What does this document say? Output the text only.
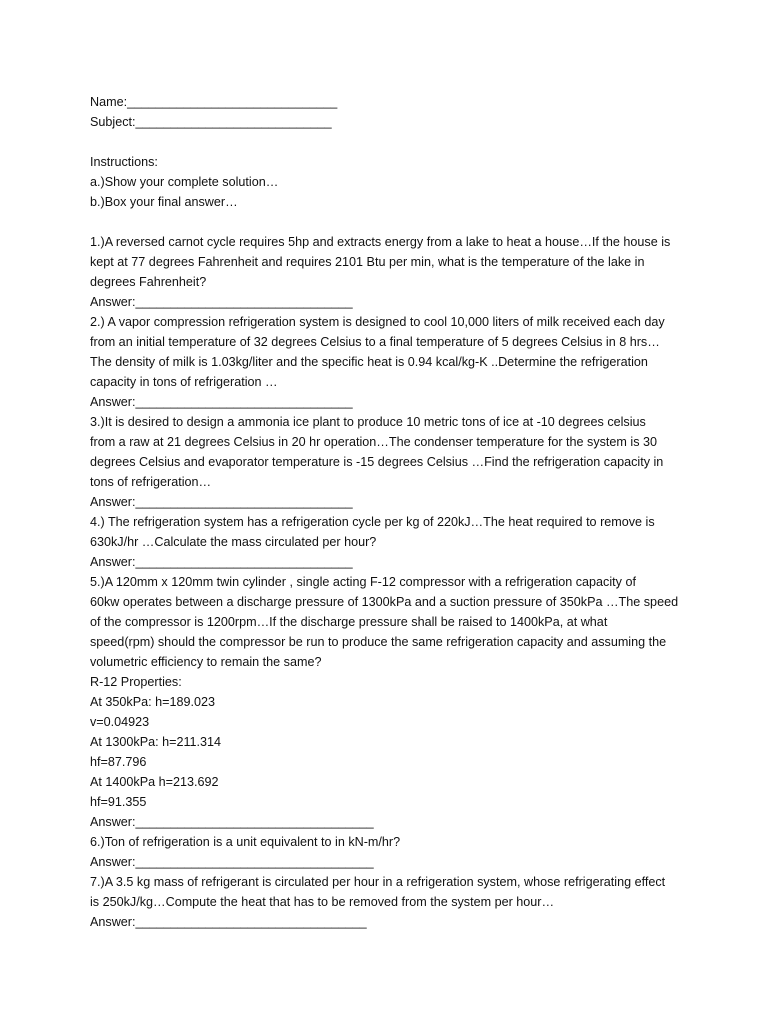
Name:______________________________
Subject:____________________________
Instructions:
a.)Show your complete solution…
b.)Box your final answer…
1.)A reversed carnot cycle requires 5hp and extracts energy from a lake to heat a house…If the house is
kept at 77 degrees Fahrenheit and requires 2101 Btu per min, what is the temperature of the lake in
degrees Fahrenheit?
Answer:_______________________________
2.) A vapor compression refrigeration system is designed to cool 10,000 liters of milk received each day
from an initial temperature of 32 degrees Celsius to a final temperature of 5 degrees Celsius in 8 hrs…
The density of milk is 1.03kg/liter and the specific heat is 0.94 kcal/kg-K ..Determine the refrigeration
capacity in tons of refrigeration …
Answer:_______________________________
3.)It is desired to design a ammonia ice plant to produce 10 metric tons of ice at -10 degrees celsius
from a raw at 21 degrees Celsius in 20 hr operation…The condenser temperature for the system is 30
degrees Celsius and evaporator temperature is -15 degrees Celsius …Find the refrigeration capacity in
tons of refrigeration…
Answer:_______________________________
4.) The refrigeration system has a refrigeration cycle per kg of 220kJ…The heat required to remove is
630kJ/hr …Calculate the mass circulated per hour?
Answer:_______________________________
5.)A 120mm x 120mm twin cylinder , single acting F-12 compressor with a refrigeration capacity of
60kw operates between a discharge pressure of 1300kPa and a suction pressure of 350kPa …The speed
of the compressor is 1200rpm…If the discharge pressure shall be raised to 1400kPa, at what
speed(rpm) should the compressor be run to produce the same refrigeration capacity and assuming the
volumetric efficiency to remain the same?
R-12 Properties:
At 350kPa: h=189.023
v=0.04923
At 1300kPa: h=211.314
hf=87.796
At 1400kPa h=213.692
hf=91.355
Answer:__________________________________
6.)Ton of refrigeration is a unit equivalent to in kN-m/hr?
Answer:__________________________________
7.)A 3.5 kg mass of refrigerant is circulated per hour in a refrigeration system, whose refrigerating effect
is 250kJ/kg…Compute the heat that has to be removed from the system per hour…
Answer:_________________________________
